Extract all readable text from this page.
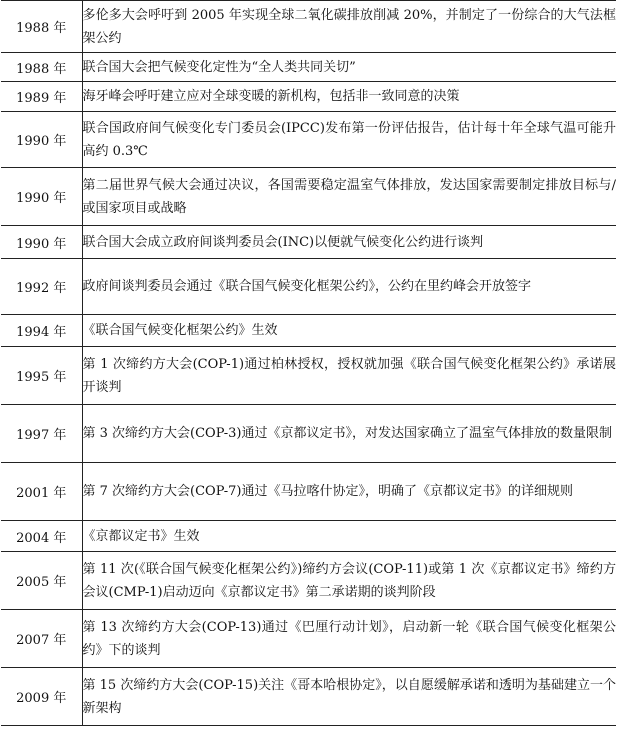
1988 年	多伦多大会呼吁到 2005 年实现全球二氧化碳排放削减 20%，并制定了一份综合的大气法框架公约
1988 年	联合国大会把气候变化定性为“全人类共同关切”
1989 年	海牙峰会呼吁建立应对全球变暖的新机构，包括非一致同意的决策
1990 年	联合国政府间气候变化专门委员会(IPCC)发布第一份评估报告，估计每十年全球气温可能升高约 0.3℃
1990 年	第二届世界气候大会通过决议，各国需要稳定温室气体排放，发达国家需要制定排放目标与/或国家项目或战略
1990 年	联合国大会成立政府间谈判委员会(INC)以便就气候变化公约进行谈判
1992 年	政府间谈判委员会通过《联合国气候变化框架公约》，公约在里约峰会开放签字
1994 年	《联合国气候变化框架公约》生效
1995 年	第 1 次缔约方大会(COP-1)通过柏林授权，授权就加强《联合国气候变化框架公约》承诺展开谈判
1997 年	第 3 次缔约方大会(COP-3)通过《京都议定书》，对发达国家确立了温室气体排放的数量限制
2001 年	第 7 次缔约方大会(COP-7)通过《马拉喀什协定》，明确了《京都议定书》的详细规则
2004 年	《京都议定书》生效
2005 年	第 11 次(《联合国气候变化框架公约》)缔约方会议(COP-11)或第 1 次《京都议定书》缔约方会议(CMP-1)启动迈向《京都议定书》第二承诺期的谈判阶段
2007 年	第 13 次缔约方大会(COP-13)通过《巴厘行动计划》，启动新一轮《联合国气候变化框架公约》下的谈判
2009 年	第 15 次缔约方大会(COP-15)关注《哥本哈根协定》，以自愿缓解承诺和透明为基础建立一个新架构
